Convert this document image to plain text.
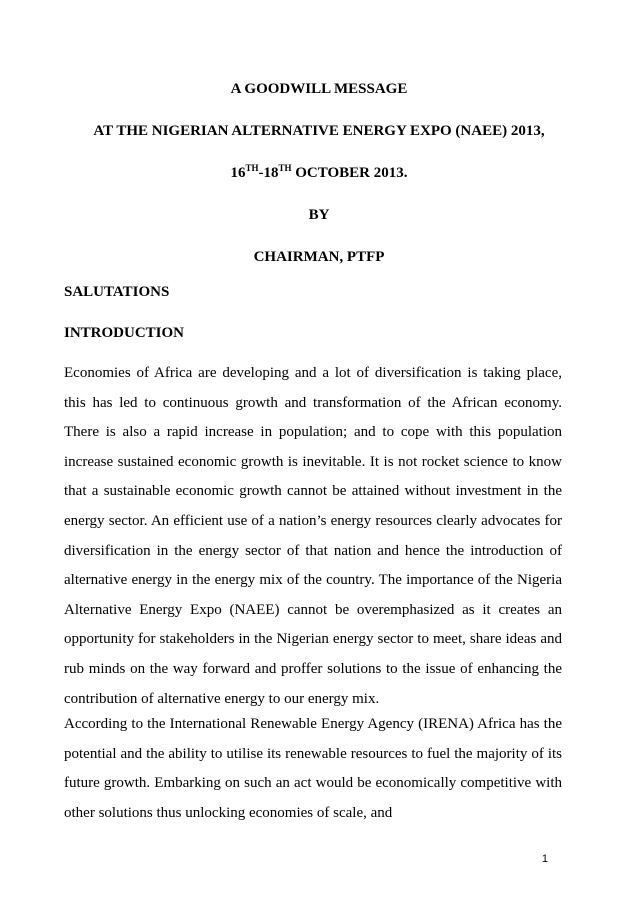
A GOODWILL MESSAGE
AT THE NIGERIAN ALTERNATIVE ENERGY EXPO (NAEE) 2013,
16TH-18TH OCTOBER 2013.
BY
CHAIRMAN, PTFP
SALUTATIONS
INTRODUCTION

Economies of Africa are developing and a lot of diversification is taking place, this has led to continuous growth and transformation of the African economy. There is also a rapid increase in population; and to cope with this population increase sustained economic growth is inevitable. It is not rocket science to know that a sustainable economic growth cannot be attained without investment in the energy sector. An efficient use of a nation’s energy resources clearly advocates for diversification in the energy sector of that nation and hence the introduction of alternative energy in the energy mix of the country. The importance of the Nigeria Alternative Energy Expo (NAEE) cannot be overemphasized as it creates an opportunity for stakeholders in the Nigerian energy sector to meet, share ideas and rub minds on the way forward and proffer solutions to the issue of enhancing the contribution of alternative energy to our energy mix.

According to the International Renewable Energy Agency (IRENA) Africa has the potential and the ability to utilise its renewable resources to fuel the majority of its future growth. Embarking on such an act would be economically competitive with other solutions thus unlocking economies of scale, and

1
